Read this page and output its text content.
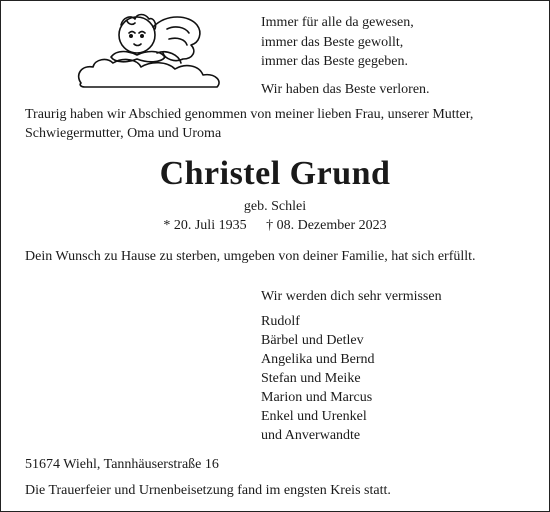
Immer für alle da gewesen,
immer das Beste gewollt,
immer das Beste gegeben.
Wir haben das Beste verloren.
Traurig haben wir Abschied genommen von meiner lieben Frau, unserer Mutter, Schwiegermutter, Oma und Uroma
Christel Grund
geb. Schlei
* 20. Juli 1935 † 08. Dezember 2023
Dein Wunsch zu Hause zu sterben, umgeben von deiner Familie, hat sich erfüllt.
Wir werden dich sehr vermissen
Rudolf
Bärbel und Detlev
Angelika und Bernd
Stefan und Meike
Marion und Marcus
Enkel und Urenkel
und Anverwandte
51674 Wiehl, Tannhäuserstraße 16
Die Trauerfeier und Urnenbeisetzung fand im engsten Kreis statt.
